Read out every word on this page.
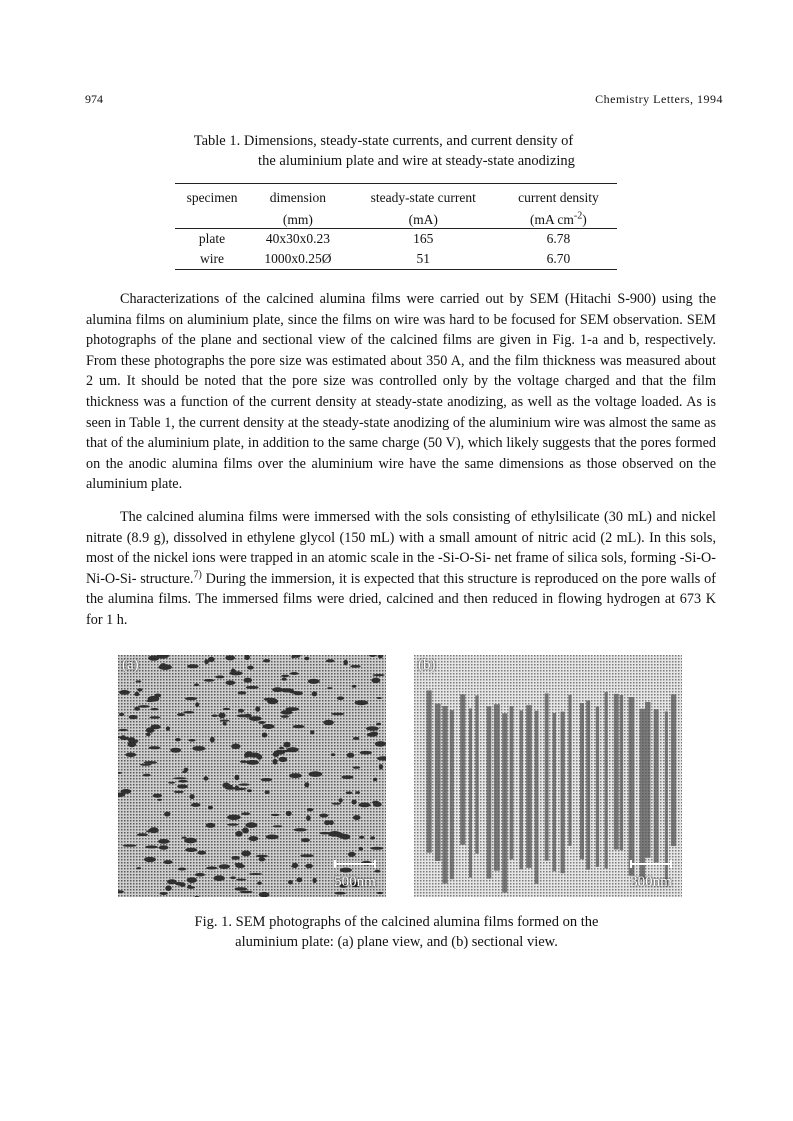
974	Chemistry Letters, 1994
Table 1. Dimensions, steady-state currents, and current density of
the aluminium plate and wire at steady-state anodizing
specimen	dimension	steady-state current	current density
	(mm)	(mA)	(mA $cm^{-2}$)
plate	40x30x0.23	165	6.78
wire	1000x0.25Ø	51	6.70

Characterizations of the calcined alumina films were carried out by SEM (Hitachi S-900) using the alumina films on aluminium plate, since the films on wire was hard to be focused for SEM observation. SEM photographs of the plane and sectional view of the calcined films are given in Fig. 1-a and b, respectively. From these photographs the pore size was estimated about 350 A, and the film thickness was measured about 2 um. It should be noted that the pore size was controlled only by the voltage charged and that the film thickness was a function of the current density at steady-state anodizing, as well as the voltage loaded. As is seen in Table 1, the current density at the steady-state anodizing of the aluminium wire was almost the same as that of the aluminium plate, in addition to the same charge (50 V), which likely suggests that the pores formed on the anodic alumina films over the aluminium wire have the same dimensions as those observed on the aluminium plate.

The calcined alumina films were immersed with the sols consisting of ethylsilicate (30 mL) and nickel nitrate (8.9 g), dissolved in ethylene glycol (150 mL) with a small amount of nitric acid (2 mL). In this sols, most of the nickel ions were trapped in an atomic scale in the -Si-O-Si- net frame of silica sols, forming -Si-O-Ni-O-Si- structure.$^{7)}$ During the immersion, it is expected that this structure is reproduced on the pore walls of the alumina films. The immersed films were dried, calcined and then reduced in flowing hydrogen at 673 K for 1 h.

(a)
500nm
(b)
300nm
Fig. 1. SEM photographs of the calcined alumina films formed on the
aluminium plate: (a) plane view, and (b) sectional view.
